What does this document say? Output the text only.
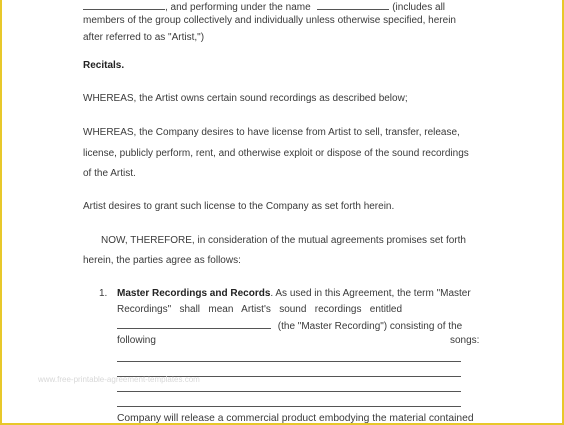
, and performing under the name	(includes all
members of the group collectively and individually unless otherwise specified, herein
after referred to as "Artist,")
Recitals.
WHEREAS, the Artist owns certain sound recordings as described below;
WHEREAS, the Company desires to have license from Artist to sell, transfer, release,
license, publicly perform, rent, and otherwise exploit or dispose of the sound recordings
of the Artist.
Artist desires to grant such license to the Company as set forth herein.
NOW, THEREFORE, in consideration of the mutual agreements promises set forth
herein, the parties agree as follows:
1. Master Recordings and Records. As used in this Agreement, the term "Master
Recordings"   shall   mean   Artist's   sound   recordings   entitled
(the "Master Recording") consisting of the
following	songs:
www.free-printable-agreement-templates.com
Company will release a commercial product embodying the material contained
